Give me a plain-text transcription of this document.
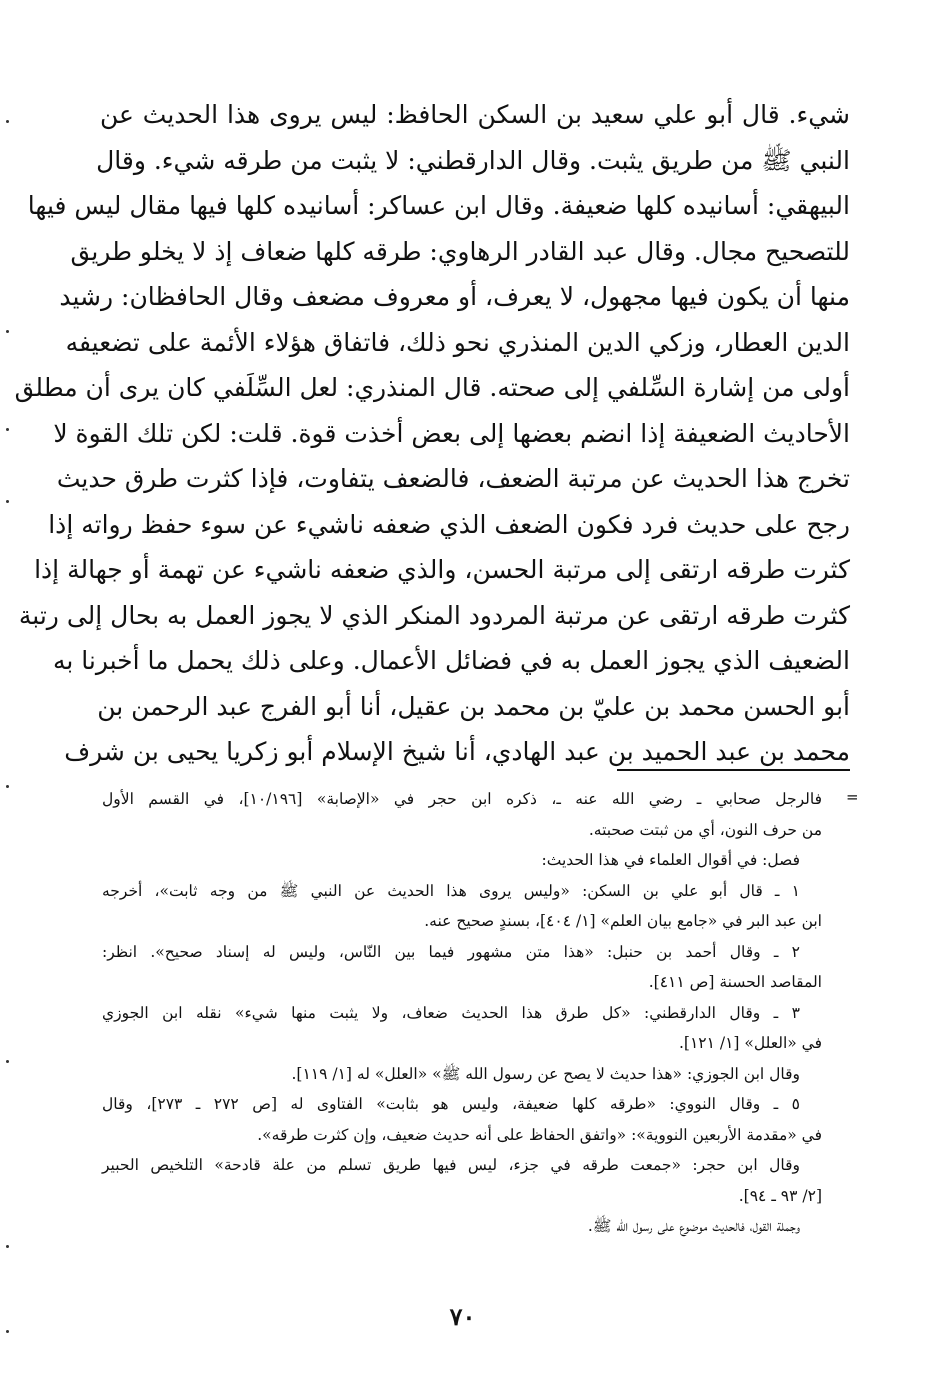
شيء. قال أبو علي سعيد بن السكن الحافظ: ليس يروى هذا الحديث عن
النبي ﷺ من طريق يثبت. وقال الدارقطني: لا يثبت من طرقه شيء. وقال
البيهقي: أسانيده كلها ضعيفة. وقال ابن عساكر: أسانيده كلها فيها مقال ليس فيها
للتصحيح مجال. وقال عبد القادر الرهاوي: طرقه كلها ضعاف إذ لا يخلو طريق
منها أن يكون فيها مجهول، لا يعرف، أو معروف مضعف وقال الحافظان: رشيد
الدين العطار، وزكي الدين المنذري نحو ذلك، فاتفاق هؤلاء الأئمة على تضعيفه
أولى من إشارة السِّلفي إلى صحته. قال المنذري: لعل السِّلَفي كان يرى أن مطلق
الأحاديث الضعيفة إذا انضم بعضها إلى بعض أخذت قوة. قلت: لكن تلك القوة لا
تخرج هذا الحديث عن مرتبة الضعف، فالضعف يتفاوت، فإذا كثرت طرق حديث
رجح على حديث فرد فكون الضعف الذي ضعفه ناشيء عن سوء حفظ رواته إذا
كثرت طرقه ارتقى إلى مرتبة الحسن، والذي ضعفه ناشيء عن تهمة أو جهالة إذا
كثرت طرقه ارتقى عن مرتبة المردود المنكر الذي لا يجوز العمل به بحال إلى رتبة
الضعيف الذي يجوز العمل به في فضائل الأعمال. وعلى ذلك يحمل ما أخبرنا به
أبو الحسن محمد بن عليّ بن محمد بن عقيل، أنا أبو الفرج عبد الرحمن بن
محمد بن عبد الحميد بن عبد الهادي، أنا شيخ الإسلام أبو زكريا يحيى بن شرف
=
فالرجل صحابي ـ رضي الله عنه ـ، ذكره ابن حجر في «الإصابة» [١٠/١٩٦]، في القسم الأول
من حرف النون، أي من ثبتت صحبته.
فصل: في أقوال العلماء في هذا الحديث:
١ ـ قال أبو علي بن السكن: «وليس يروى هذا الحديث عن النبي ﷺ من وجه ثابت»، أخرجه
ابن عبد البر في «جامع بيان العلم» [١/ ٤٠٤]، بسندٍ صحيح عنه.
٢ ـ وقال أحمد بن حنبل: «هذا متن مشهور فيما بين النّاس، وليس له إسناد صحيح». انظر:
المقاصد الحسنة [ص ٤١١].
٣ ـ وقال الدارقطني: «كل طرق هذا الحديث ضعاف، ولا يثبت منها شيء» نقله ابن الجوزي
في «العلل» [١/ ١٢١].
وقال ابن الجوزي: «هذا حديث لا يصح عن رسول الله ﷺ» «العلل» له [١/ ١١٩].
٥ ـ وقال النووي: «طرقه كلها ضعيفة، وليس هو بثابت» الفتاوى له [ص ٢٧٢ ـ ٢٧٣]، وقال
في «مقدمة الأربعين النووية»: «واتفق الحفاظ على أنه حديث ضعيف، وإن كثرت طرقه».
وقال ابن حجر: «جمعت طرقه في جزء، ليس فيها طريق تسلم من علة قادحة» التلخيص الحبير
[٢/ ٩٣ ـ ٩٤].
وجملة القول، فالحديث موضوع على رسول الله ﷺ.
٧٠
